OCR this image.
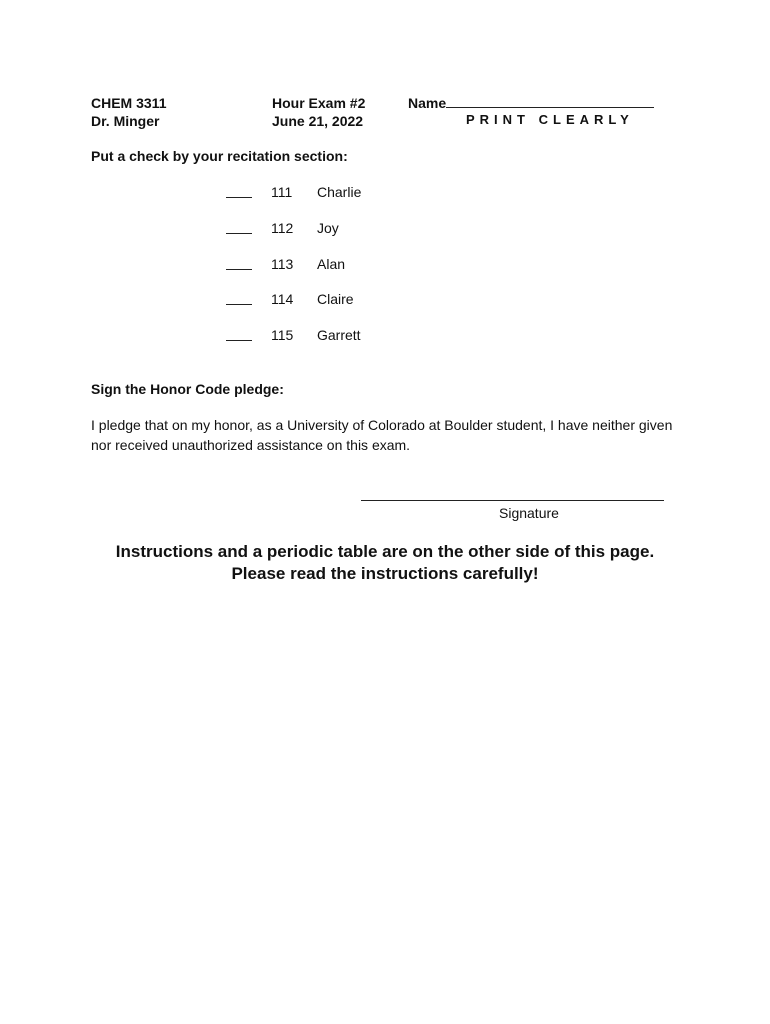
CHEM 3311
Dr. Minger
Hour Exam #2
June 21, 2022
Name
PRINT CLEARLY
Put a check by your recitation section:
111 Charlie
112 Joy
113 Alan
114 Claire
115 Garrett
Sign the Honor Code pledge:
I pledge that on my honor, as a University of Colorado at Boulder student, I have neither given nor received unauthorized assistance on this exam.
Signature
Instructions and a periodic table are on the other side of this page.
Please read the instructions carefully!
